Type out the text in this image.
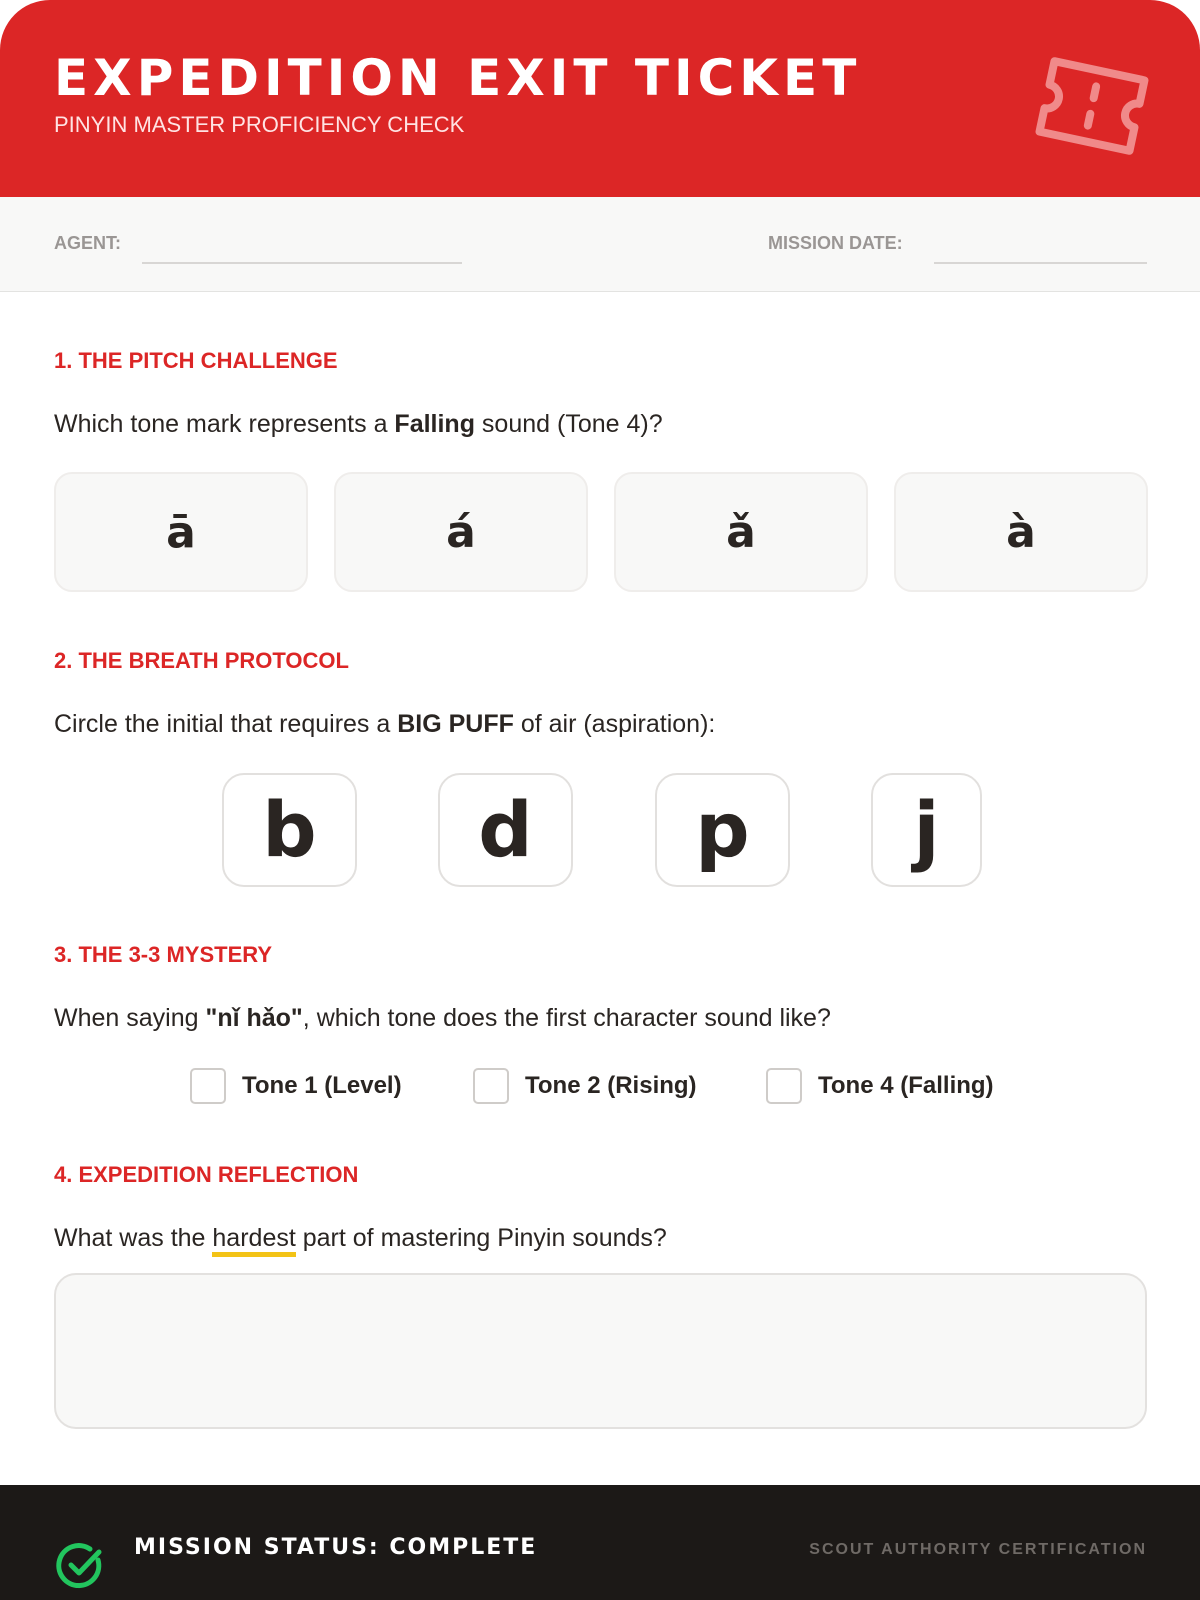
EXPEDITION EXIT TICKET
PINYIN MASTER PROFICIENCY CHECK
AGENT:	MISSION DATE:
1. THE PITCH CHALLENGE
Which tone mark represents a Falling sound (Tone 4)?
ā	á	ǎ	à
2. THE BREATH PROTOCOL
Circle the initial that requires a BIG PUFF of air (aspiration):
b	d	p	j
3. THE 3-3 MYSTERY
When saying "nǐ hǎo", which tone does the first character sound like?
Tone 1 (Level)	Tone 2 (Rising)	Tone 4 (Falling)
4. EXPEDITION REFLECTION
What was the hardest part of mastering Pinyin sounds?
MISSION STATUS: COMPLETE	SCOUT AUTHORITY CERTIFICATION
